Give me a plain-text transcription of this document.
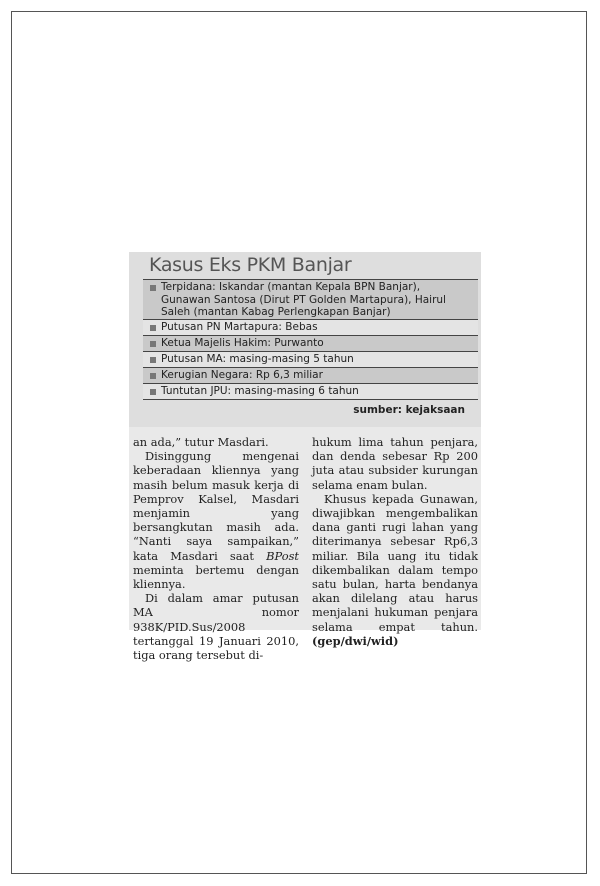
Kasus Eks PKM Banjar
Terpidana: Iskandar (mantan Kepala BPN Banjar), Gunawan Santosa (Dirut PT Golden Martapura), Hairul Saleh (mantan Kabag Perlengkapan Banjar)
Putusan PN Martapura: Bebas
Ketua Majelis Hakim: Purwanto
Putusan MA: masing-masing 5 tahun
Kerugian Negara: Rp 6,3 miliar
Tuntutan JPU: masing-masing 6 tahun
sumber: kejaksaan

an ada,” tutur Masdari.

Disinggung mengenai keberadaan kliennya yang masih belum masuk kerja di Pemprov Kalsel, Masdari menjamin yang bersangkutan masih ada. “Nanti saya sampaikan,” kata Masdari saat BPost meminta bertemu dengan kliennya.

Di dalam amar putusan MA nomor 938K/PID.Sus/2008 tertanggal 19 Januari 2010, tiga orang tersebut di-

hukum lima tahun penjara, dan denda sebesar Rp 200 juta atau subsider kurungan selama enam bulan.

Khusus kepada Gunawan, diwajibkan mengembalikan dana ganti rugi lahan yang diterimanya sebesar Rp6,3 miliar. Bila uang itu tidak dikembalikan dalam tempo satu bulan, harta bendanya akan dilelang atau harus menjalani hukuman penjara selama empat tahun. (gep/dwi/wid)
